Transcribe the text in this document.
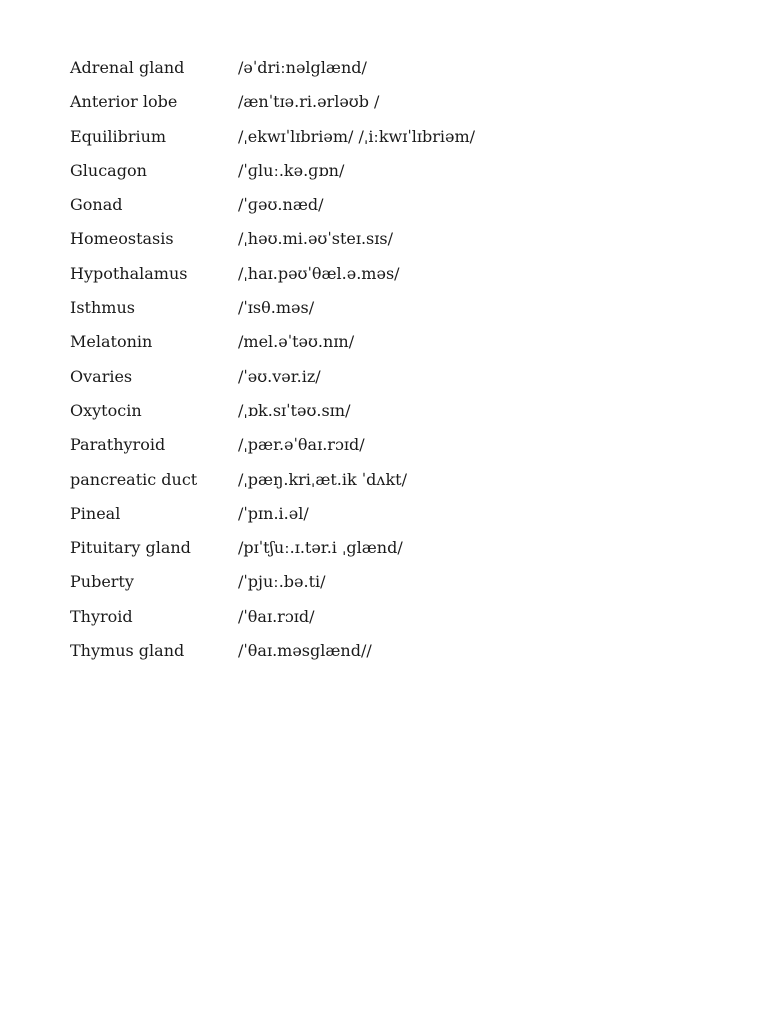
Adrenal gland	/əˈdriːnəlglænd/
Anterior lobe	/ænˈtɪə.ri.ərləʊb /
Equilibrium	/ˌekwɪˈlɪbriəm/ /ˌiːkwɪˈlɪbriəm/
Glucagon	/ˈɡluː.kə.ɡɒn/
Gonad	/ˈɡəʊ.næd/
Homeostasis	/ˌhəʊ.mi.əʊˈsteɪ.sɪs/
Hypothalamus	/ˌhaɪ.pəʊˈθæl.ə.məs/
Isthmus	/ˈɪsθ.məs/
Melatonin	/mel.əˈtəʊ.nɪn/
Ovaries	/ˈəʊ.vər.iz/
Oxytocin	/ˌɒk.sɪˈtəʊ.sɪn/
Parathyroid	/ˌpær.əˈθaɪ.rɔɪd/
pancreatic duct	/ˌpæŋ.kriˌæt.ik ˈdʌkt/
Pineal	/ˈpɪn.i.əl/
Pituitary gland	/pɪˈtʃuː.ɪ.tər.i ˌglænd/
Puberty	/ˈpjuː.bə.ti/
Thyroid	/ˈθaɪ.rɔɪd/
Thymus gland	/ˈθaɪ.məsglænd//
